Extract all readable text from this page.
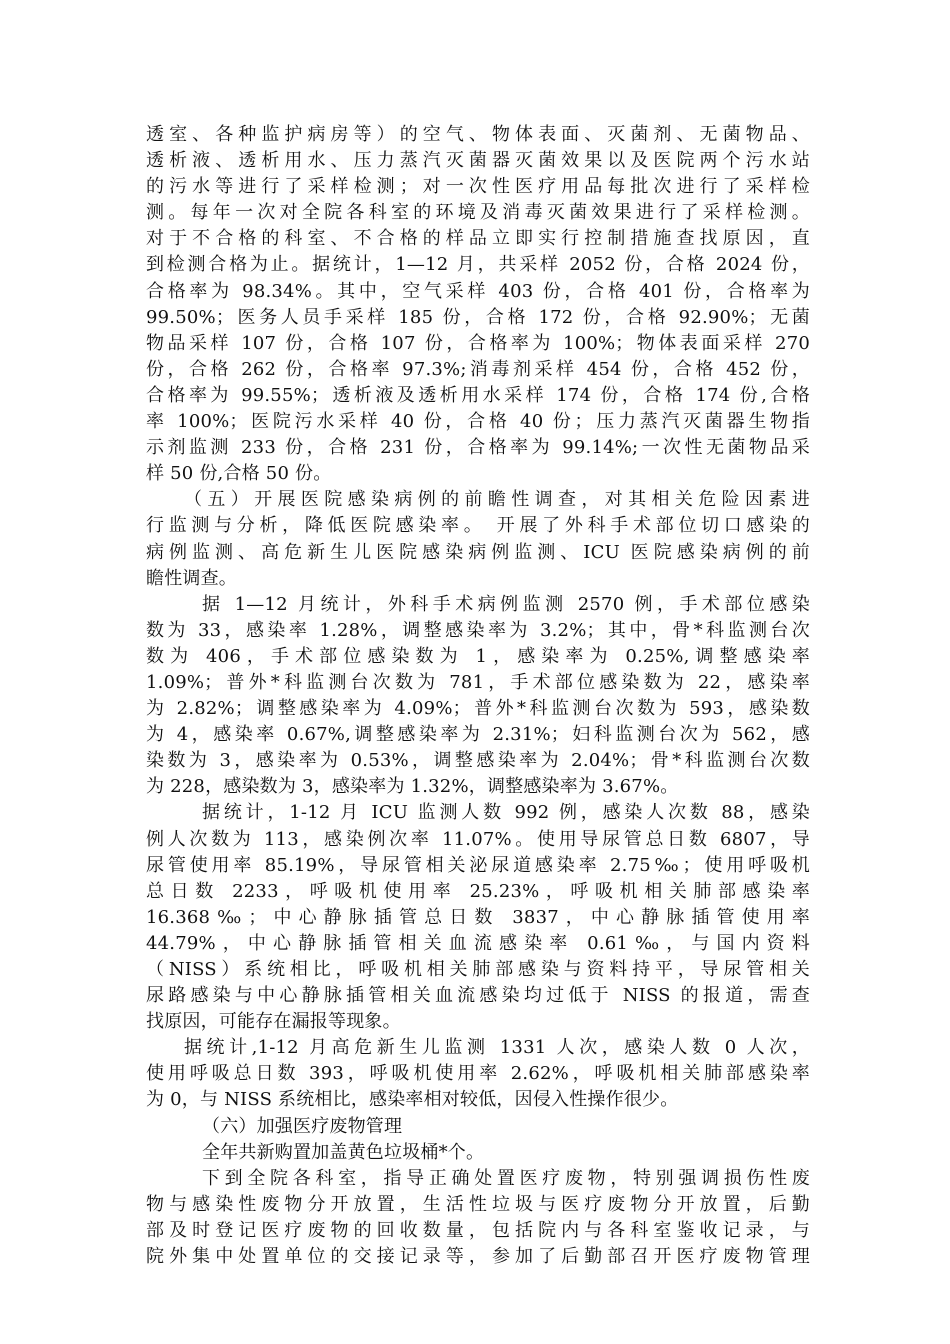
透室、各种监护病房等）的空气、物体表面、灭菌剂、无菌物品、
透析液、透析用水、压力蒸汽灭菌器灭菌效果以及医院两个污水站
的污水等进行了采样检测；对一次性医疗用品每批次进行了采样检
测。每年一次对全院各科室的环境及消毒灭菌效果进行了采样检测。
对于不合格的科室、不合格的样品立即实行控制措施查找原因，直
到检测合格为止。据统计，1—12 月，共采样 2052 份，合格 2024 份，
合格率为 98.34%。其中，空气采样 403 份，合格 401 份，合格率为
99.50%；医务人员手采样 185 份，合格 172 份，合格 92.90%；无菌
物品采样 107 份，合格 107 份，合格率为 100%；物体表面采样 270
份，合格 262 份，合格率 97.3%;消毒剂采样 454 份，合格 452 份，
合格率为 99.55%；透析液及透析用水采样 174 份，合格 174 份,合格
率 100%；医院污水采样 40 份，合格 40 份；压力蒸汽灭菌器生物指
示剂监测 233 份，合格 231 份，合格率为 99.14%;一次性无菌物品采
样 50 份,合格 50 份。
（五）开展医院感染病例的前瞻性调查，对其相关危险因素进
行监测与分析，降低医院感染率。 开展了外科手术部位切口感染的
病例监测、高危新生儿医院感染病例监测、ICU 医院感染病例的前
瞻性调查。
据 1—12 月统计，外科手术病例监测 2570 例，手术部位感染
数为 33，感染率 1.28%，调整感染率为 3.2%；其中，骨*科监测台次
数为 406，手术部位感染数为 1，感染率为 0.25%,调整感染率
1.09%；普外*科监测台次数为 781，手术部位感染数为 22，感染率
为 2.82%；调整感染率为 4.09%；普外*科监测台次数为 593，感染数
为 4，感染率 0.67%,调整感染率为 2.31%；妇科监测台次为 562，感
染数为 3，感染率为 0.53%，调整感染率为 2.04%；骨*科监测台次数
为 228，感染数为 3，感染率为 1.32%，调整感染率为 3.67%。
据统计，1-12 月 ICU 监测人数 992 例，感染人次数 88，感染
例人次数为 113，感染例次率 11.07%。使用导尿管总日数 6807，导
尿管使用率 85.19%，导尿管相关泌尿道感染率 2.75‰；使用呼吸机
总日数 2233，呼吸机使用率 25.23%，呼吸机相关肺部感染率
16.368‰；中心静脉插管总日数 3837，中心静脉插管使用率
44.79%，中心静脉插管相关血流感染率 0.61‰，与国内资料
（NISS）系统相比，呼吸机相关肺部感染与资料持平，导尿管相关
尿路感染与中心静脉插管相关血流感染均过低于 NISS 的报道，需查
找原因，可能存在漏报等现象。
据统计,1-12 月高危新生儿监测 1331 人次，感染人数 0 人次，
使用呼吸总日数 393，呼吸机使用率 2.62%，呼吸机相关肺部感染率
为 0，与 NISS 系统相比，感染率相对较低，因侵入性操作很少。
（六）加强医疗废物管理
全年共新购置加盖黄色垃圾桶*个。
下到全院各科室，指导正确处置医疗废物，特别强调损伤性废
物与感染性废物分开放置，生活性垃圾与医疗废物分开放置，后勤
部及时登记医疗废物的回收数量，包括院内与各科室鉴收记录，与
院外集中处置单位的交接记录等，参加了后勤部召开医疗废物管理
